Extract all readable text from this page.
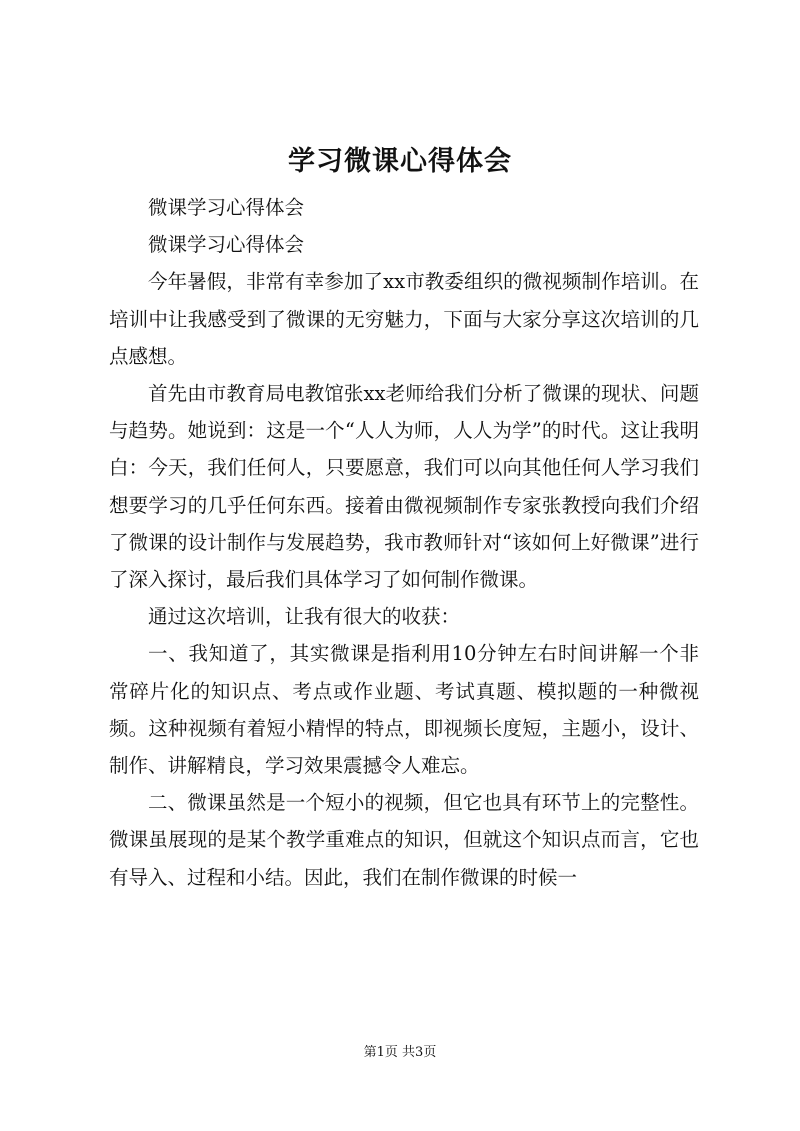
学习微课心得体会

微课学习心得体会

微课学习心得体会

今年暑假，非常有幸参加了xx市教委组织的微视频制作培训。在培训中让我感受到了微课的无穷魅力，下面与大家分享这次培训的几点感想。

首先由市教育局电教馆张xx老师给我们分析了微课的现状、问题与趋势。她说到：这是一个“人人为师，人人为学”的时代。这让我明白：今天，我们任何人，只要愿意，我们可以向其他任何人学习我们想要学习的几乎任何东西。接着由微视频制作专家张教授向我们介绍了微课的设计制作与发展趋势，我市教师针对“该如何上好微课”进行了深入探讨，最后我们具体学习了如何制作微课。

通过这次培训，让我有很大的收获：

一、我知道了，其实微课是指利用10分钟左右时间讲解一个非常碎片化的知识点、考点或作业题、考试真题、模拟题的一种微视频。这种视频有着短小精悍的特点，即视频长度短，主题小，设计、制作、讲解精良，学习效果震撼令人难忘。

二、微课虽然是一个短小的视频，但它也具有环节上的完整性。微课虽展现的是某个教学重难点的知识，但就这个知识点而言，它也有导入、过程和小结。因此，我们在制作微课的时候一

第1页 共3页
